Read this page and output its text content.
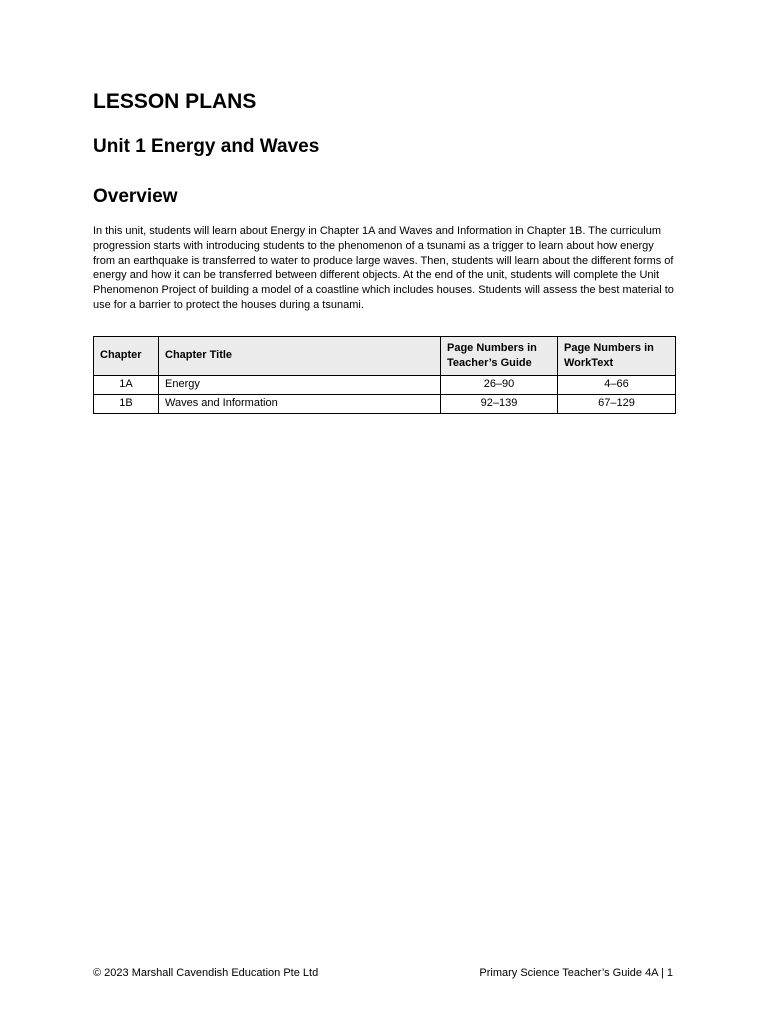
LESSON PLANS
Unit 1 Energy and Waves
Overview

In this unit, students will learn about Energy in Chapter 1A and Waves and Information in Chapter 1B. The curriculum progression starts with introducing students to the phenomenon of a tsunami as a trigger to learn about how energy from an earthquake is transferred to water to produce large waves. Then, students will learn about the different forms of energy and how it can be transferred between different objects. At the end of the unit, students will complete the Unit Phenomenon Project of building a model of a coastline which includes houses. Students will assess the best material to use for a barrier to protect the houses during a tsunami.

Chapter	Chapter Title	Page Numbers in Teacher’s Guide	Page Numbers in WorkText
1A	Energy	26–90	4–66
1B	Waves and Information	92–139	67–129
© 2023 Marshall Cavendish Education Pte Ltd	Primary Science Teacher’s Guide 4A | 1
